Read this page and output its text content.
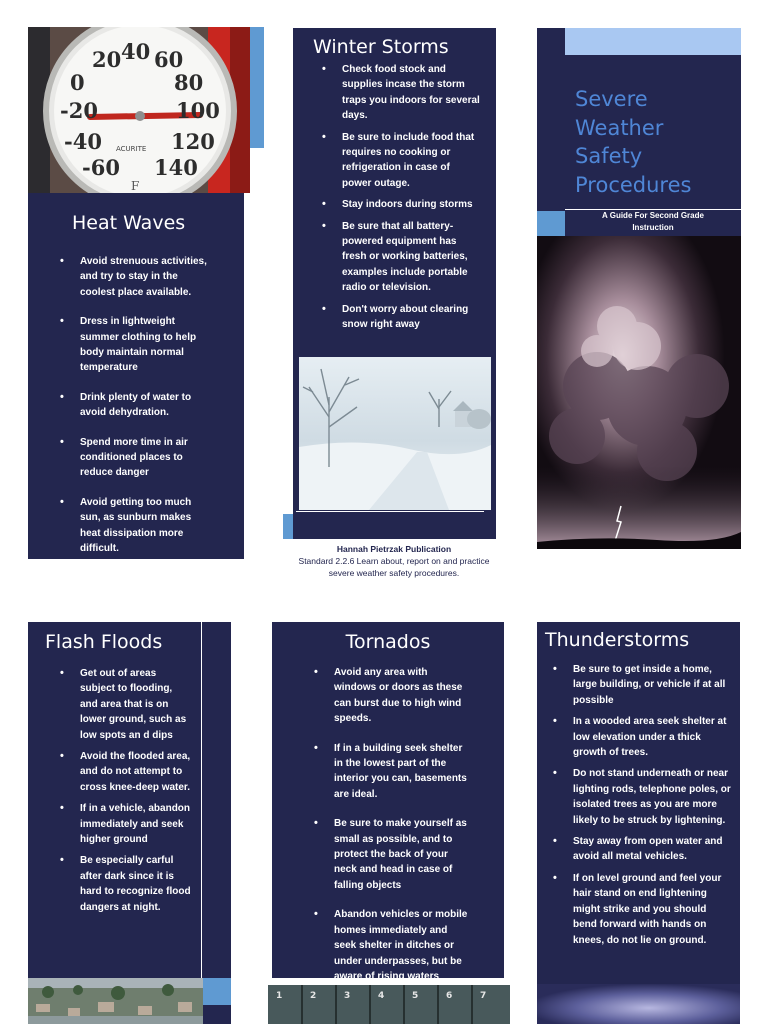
20 40 60
0	80
-20	100
-40	120
-60 140
ACURITE
F
Heat Waves
• Avoid strenuous activities, and try to stay in the coolest place available.
• Dress in lightweight summer clothing to help body maintain normal temperature
• Drink plenty of water to avoid dehydration.
• Spend more time in air conditioned places to reduce danger
• Avoid getting too much sun, as sunburn makes heat dissipation more difficult.
Winter Storms
• Check food stock and supplies incase the storm traps you indoors for several days.
• Be sure to include food that requires no cooking or refrigeration in case of power outage.
• Stay indoors during storms
• Be sure that all battery-powered equipment has fresh or working batteries, examples include portable radio or television.
• Don't worry about clearing snow right away
Hannah Pietrzak Publication
Standard 2.2.6 Learn about, report on and practice severe weather safety procedures.
Severe
Weather
Safety
Procedures
A Guide For Second Grade Instruction
Flash Floods
• Get out of areas subject to flooding, and area that is on lower ground, such as low spots an d dips
• Avoid the flooded area, and do not attempt to cross knee-deep water.
• If in a vehicle, abandon immediately and seek higher ground
• Be especially carful after dark since it is hard to recognize flood dangers at night.
Tornados
• Avoid any area with windows or doors as these can burst due to high wind speeds.
• If in a building seek shelter in the lowest part of the interior you can, basements are ideal.
• Be sure to make yourself as small as possible, and to protect the back of your neck and head in case of falling objects
• Abandon vehicles or mobile homes immediately and seek shelter in ditches or under underpasses, but be aware of rising waters
1	2	3	4	5	6	7
Thunderstorms
• Be sure to get inside a home, large building, or vehicle if at all possible
• In a wooded area seek shelter at low elevation under a thick growth of trees.
• Do not stand underneath or near lighting rods, telephone poles, or isolated trees as you are more likely to be struck by lightening.
• Stay away from open water and avoid all metal vehicles.
• If on level ground and feel your hair stand on end lightening might strike and you should bend forward with hands on knees, do not lie on ground.
